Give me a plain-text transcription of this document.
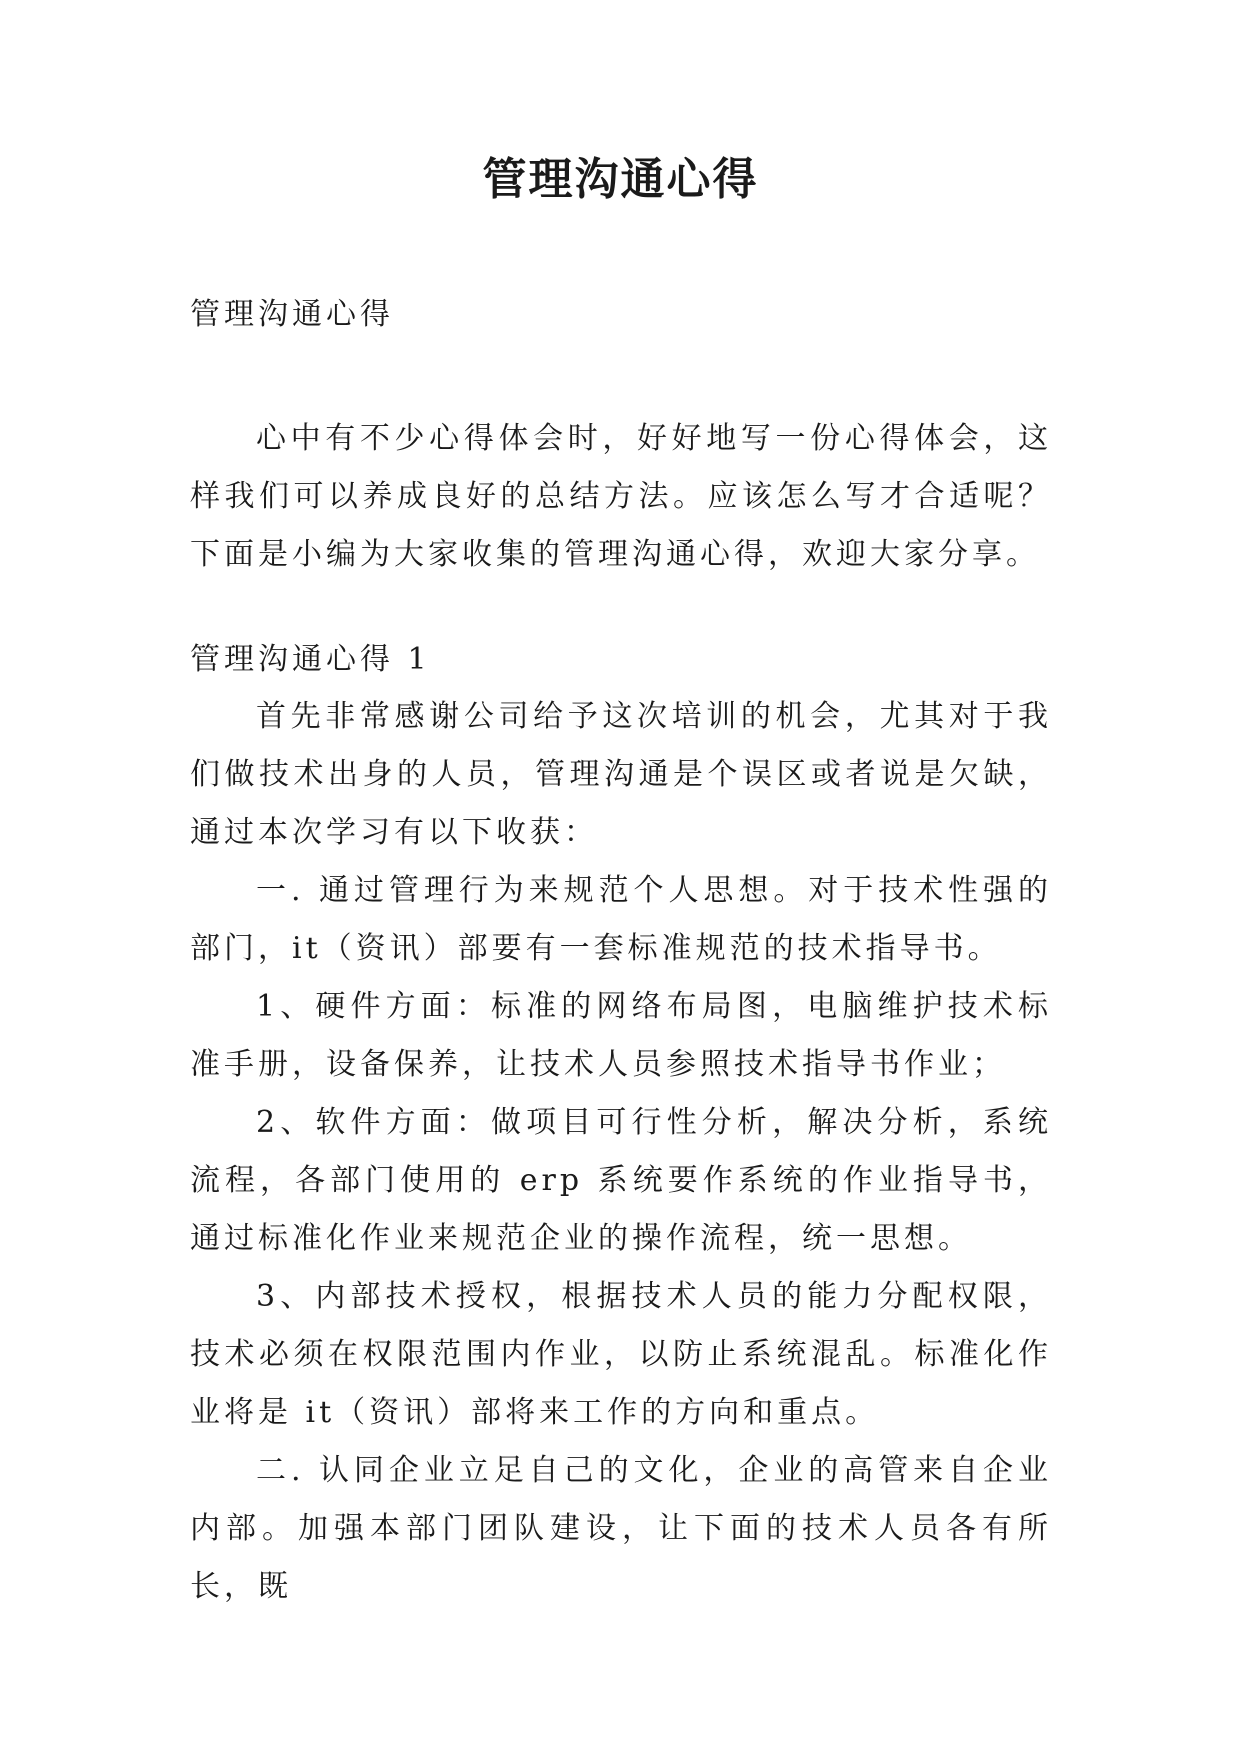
管理沟通心得

管理沟通心得

心中有不少心得体会时，好好地写一份心得体会，这样我们可以养成良好的总结方法。应该怎么写才合适呢？下面是小编为大家收集的管理沟通心得，欢迎大家分享。

管理沟通心得 1

首先非常感谢公司给予这次培训的机会，尤其对于我们做技术出身的人员，管理沟通是个误区或者说是欠缺，通过本次学习有以下收获：

一. 通过管理行为来规范个人思想。对于技术性强的部门，it（资讯）部要有一套标准规范的技术指导书。

1、硬件方面：标准的网络布局图，电脑维护技术标准手册，设备保养，让技术人员参照技术指导书作业；

2、软件方面：做项目可行性分析，解决分析，系统流程，各部门使用的 erp 系统要作系统的作业指导书，通过标准化作业来规范企业的操作流程，统一思想。

3、内部技术授权，根据技术人员的能力分配权限，技术必须在权限范围内作业，以防止系统混乱。标准化作业将是 it（资讯）部将来工作的方向和重点。

二. 认同企业立足自己的文化，企业的高管来自企业内部。加强本部门团队建设，让下面的技术人员各有所长，既
